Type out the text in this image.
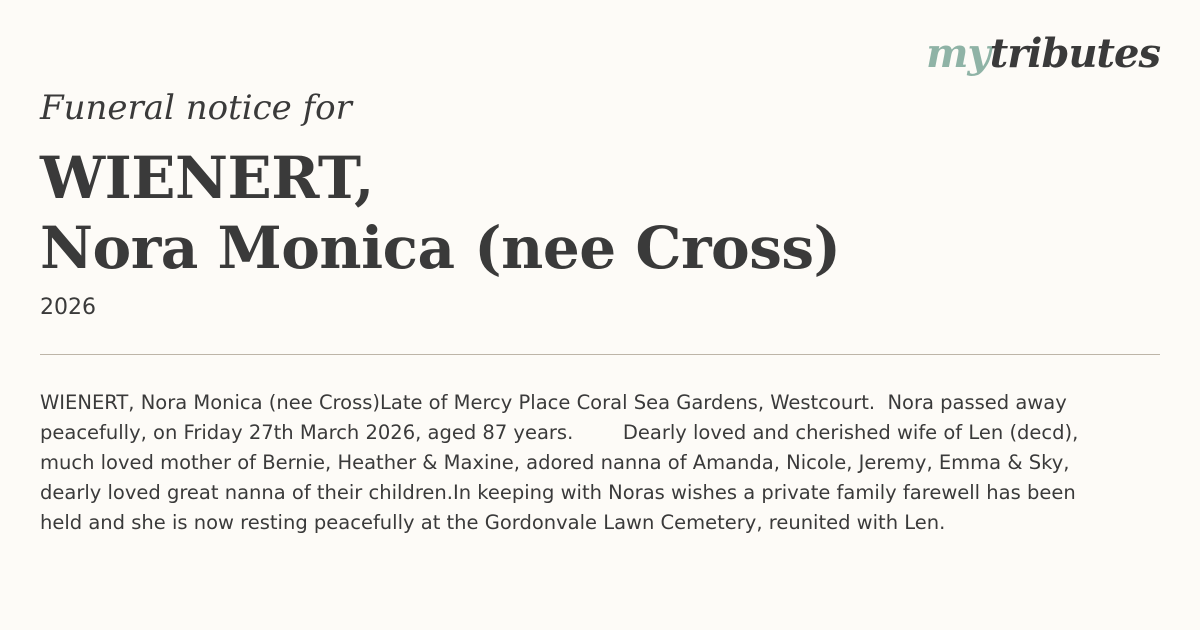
mytributes

Funeral notice for

WIENERT,
Nora Monica (nee Cross)
2026

WIENERT, Nora Monica (nee Cross)Late of Mercy Place Coral Sea Gardens, Westcourt.  Nora passed away peacefully, on Friday 27th March 2026, aged 87 years.        Dearly loved and cherished wife of Len (decd), much loved mother of Bernie, Heather & Maxine, adored nanna of Amanda, Nicole, Jeremy, Emma & Sky, dearly loved great nanna of their children.In keeping with Noras wishes a private family farewell has been held and she is now resting peacefully at the Gordonvale Lawn Cemetery, reunited with Len.
